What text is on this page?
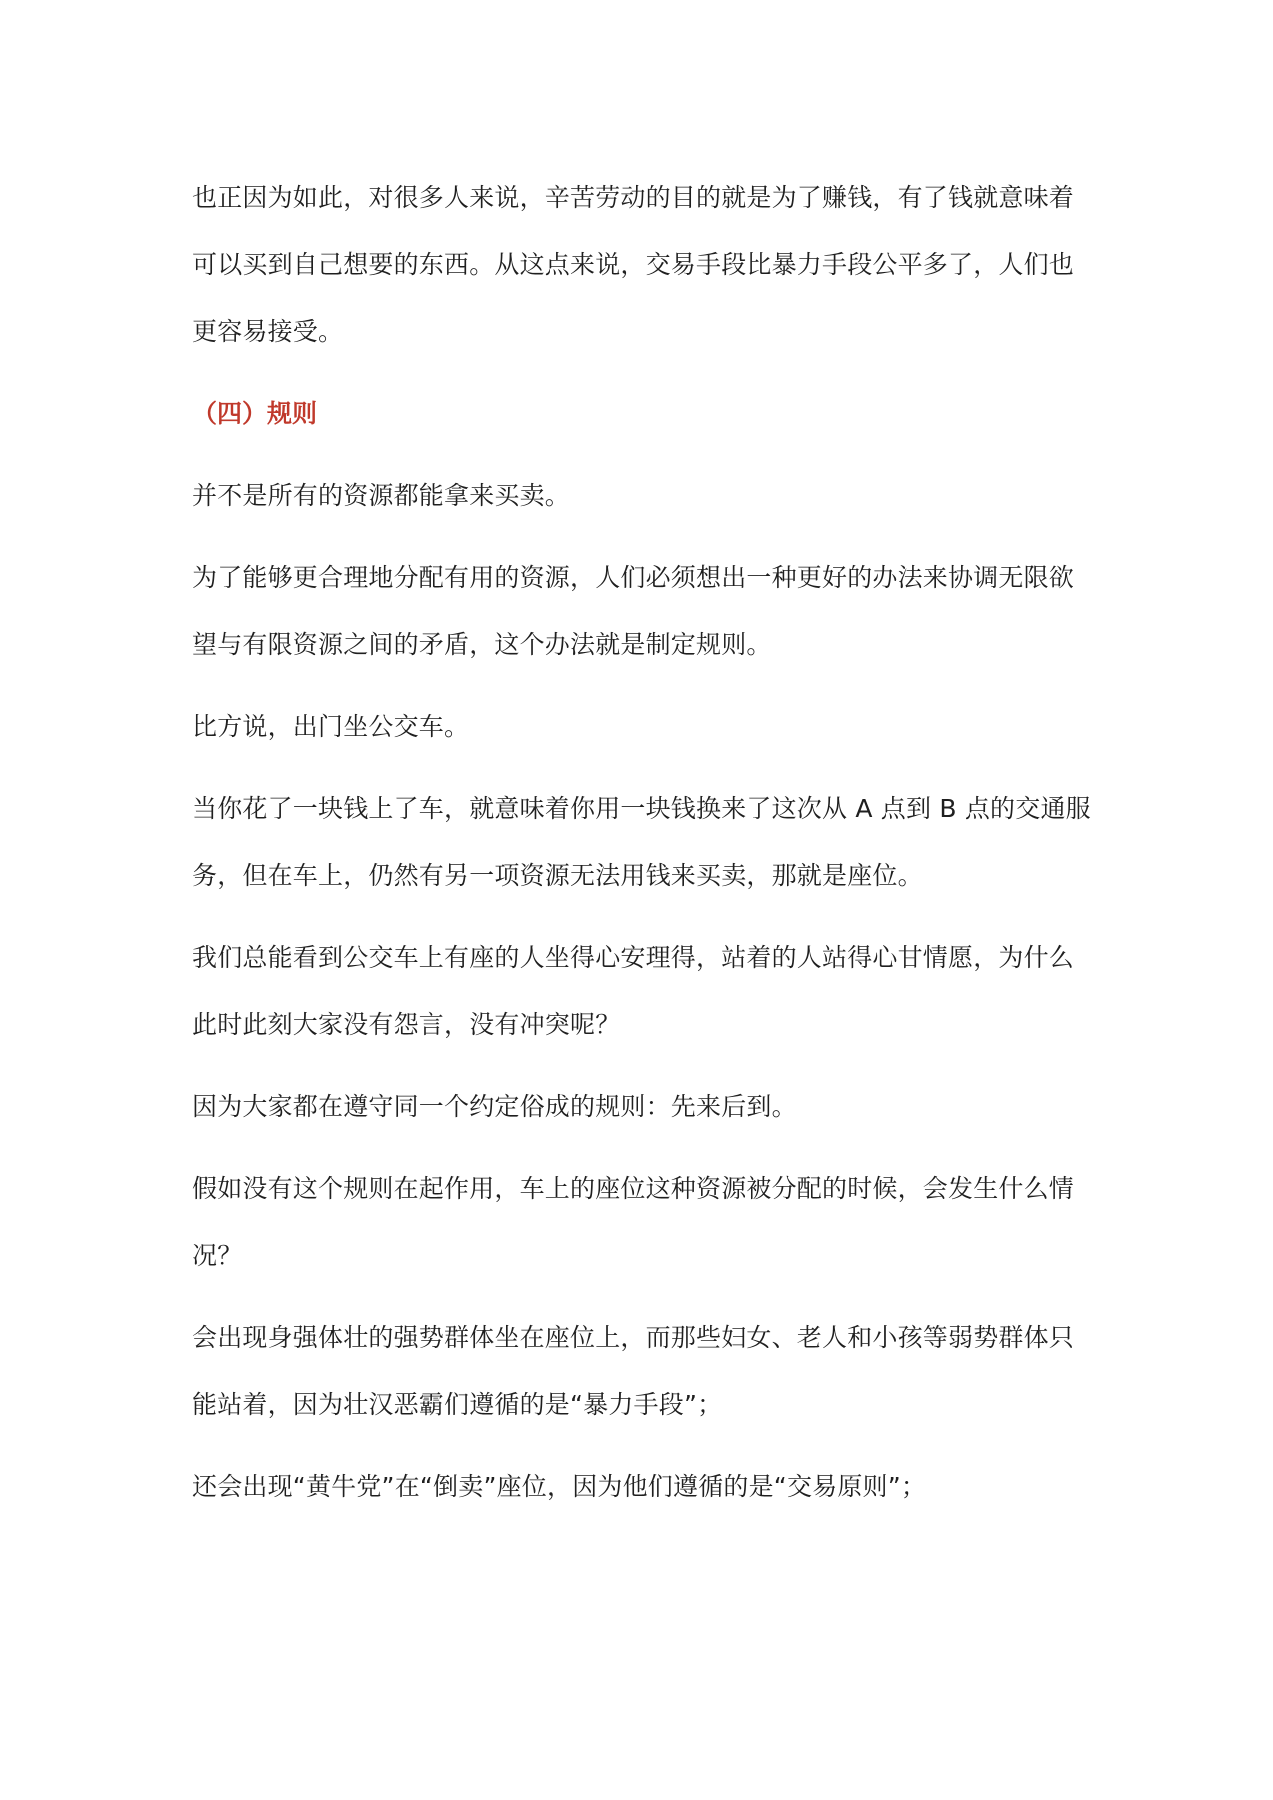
也正因为如此，对很多人来说，辛苦劳动的目的就是为了赚钱，有了钱就意味着可以买到自己想要的东西。从这点来说，交易手段比暴力手段公平多了，人们也更容易接受。

（四）规则

并不是所有的资源都能拿来买卖。

为了能够更合理地分配有用的资源，人们必须想出一种更好的办法来协调无限欲望与有限资源之间的矛盾，这个办法就是制定规则。

比方说，出门坐公交车。

当你花了一块钱上了车，就意味着你用一块钱换来了这次从 A 点到 B 点的交通服务，但在车上，仍然有另一项资源无法用钱来买卖，那就是座位。

我们总能看到公交车上有座的人坐得心安理得，站着的人站得心甘情愿，为什么此时此刻大家没有怨言，没有冲突呢？

因为大家都在遵守同一个约定俗成的规则：先来后到。

假如没有这个规则在起作用，车上的座位这种资源被分配的时候，会发生什么情况？

会出现身强体壮的强势群体坐在座位上，而那些妇女、老人和小孩等弱势群体只能站着，因为壮汉恶霸们遵循的是“暴力手段”；

还会出现“黄牛党”在“倒卖”座位，因为他们遵循的是“交易原则”；
